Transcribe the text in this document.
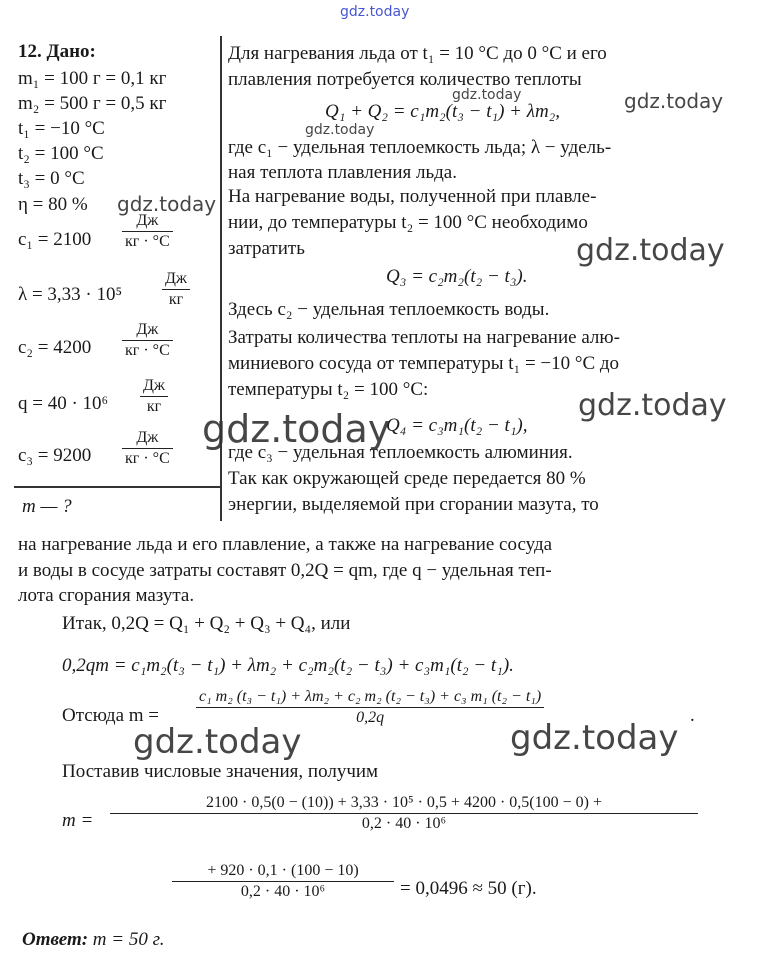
gdz.today
12. Дано:
m₁ = 100 г = 0,1 кг
m₂ = 500 г = 0,5 кг
t₁ = −10 °C
t₂ = 100 °C
t₃ = 0 °C
η = 80 %
c₁ = 2100
Дж
кг · °C
λ = 3,33 · 10⁵
Дж
кг
c₂ = 4200
Дж
кг · °C
q = 40 · 10⁶
Дж
кг
c₃ = 9200
Дж
кг · °C
m — ?
Для нагревания льда от t₁ = 10 °C до 0 °C и его
плавления потребуется количество теплоты
Q₁ + Q₂ = c₁m₂(t₃ − t₁) + λm₂,
где c₁ − удельная теплоемкость льда; λ − удель-
ная теплота плавления льда.
На нагревание воды, полученной при плавле-
нии, до температуры t₂ = 100 °C необходимо
затратить
Q₃ = c₂m₂(t₂ − t₃).
Здесь c₂ − удельная теплоемкость воды.
Затраты количества теплоты на нагревание алю-
миниевого сосуда от температуры t₁ = −10 °C до
температуры t₂ = 100 °C:
Q₄ = c₃m₁(t₂ − t₁),
где c₃ − удельная теплоемкость алюминия.
Так как окружающей среде передается 80 %
энергии, выделяемой при сгорании мазута, то
на нагревание льда и его плавление, а также на нагревание сосуда
и воды в сосуде затраты составят 0,2Q = qm, где q − удельная теп-
лота сгорания мазута.
Итак, 0,2Q = Q₁ + Q₂ + Q₃ + Q₄, или
0,2qm = c₁m₂(t₃ − t₁) + λm₂ + c₂m₂(t₂ − t₃) + c₃m₁(t₂ − t₁).
Отсюда m =
c₁ m₂ (t₃ − t₁) + λm₂ + c₂ m₂ (t₂ − t₃) + c₃ m₁ (t₂ − t₁)
0,2q	.
Поставив числовые значения, получим
m =
2100 · 0,5(0 − (10)) + 3,33 · 10⁵ · 0,5 + 4200 · 0,5(100 − 0) +
0,2 · 40 · 10⁶
+ 920 · 0,1 · (100 − 10)
0,2 · 40 · 10⁶	= 0,0496 ≈ 50 (г).
Ответ: m = 50 г.
gdz.today	gdz.today
gdz.today
gdz.today
gdz.today
gdz.today
gdz.today
gdz.today	gdz.today
